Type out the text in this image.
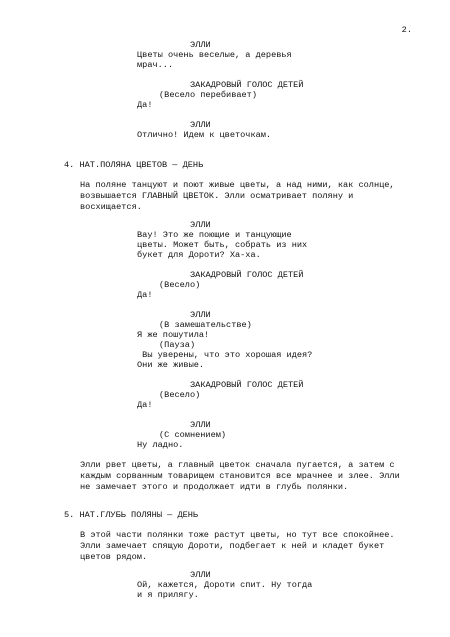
2.
ЭЛЛИ
Цветы очень веселые, а деревья
мрач...
ЗАКАДРОВЫЙ ГОЛОС ДЕТЕЙ
(Весело перебивает)
Да!
ЭЛЛИ
Отлично! Идем к цветочкам.
4. НАТ.ПОЛЯНА ЦВЕТОВ — ДЕНЬ
На поляне танцуют и поют живые цветы, а над ними, как солнце, возвышается ГЛАВНЫЙ ЦВЕТОК. Элли осматривает поляну и восхищается.
ЭЛЛИ
Вау! Это же поющие и танцующие
цветы. Может быть, собрать из них
букет для Дороти? Ха-ха.
ЗАКАДРОВЫЙ ГОЛОС ДЕТЕЙ
(Весело)
Да!
ЭЛЛИ
(В замешательстве)
Я же пошутила!
(Пауза)
Вы уверены, что это хорошая идея?
Они же живые.
ЗАКАДРОВЫЙ ГОЛОС ДЕТЕЙ
(Весело)
Да!
ЭЛЛИ
(С сомнением)
Ну ладно.
Элли рвет цветы, а главный цветок сначала пугается, а затем с каждым сорванным товарищем становится все мрачнее и злее. Элли не замечает этого и продолжает идти в глубь полянки.
5. НАТ.ГЛУБЬ ПОЛЯНЫ — ДЕНЬ
В этой части полянки тоже растут цветы, но тут все спокойнее. Элли замечает спящую Дороти, подбегает к ней и кладет букет цветов рядом.
ЭЛЛИ
Ой, кажется, Дороти спит. Ну тогда
и я прилягу.
